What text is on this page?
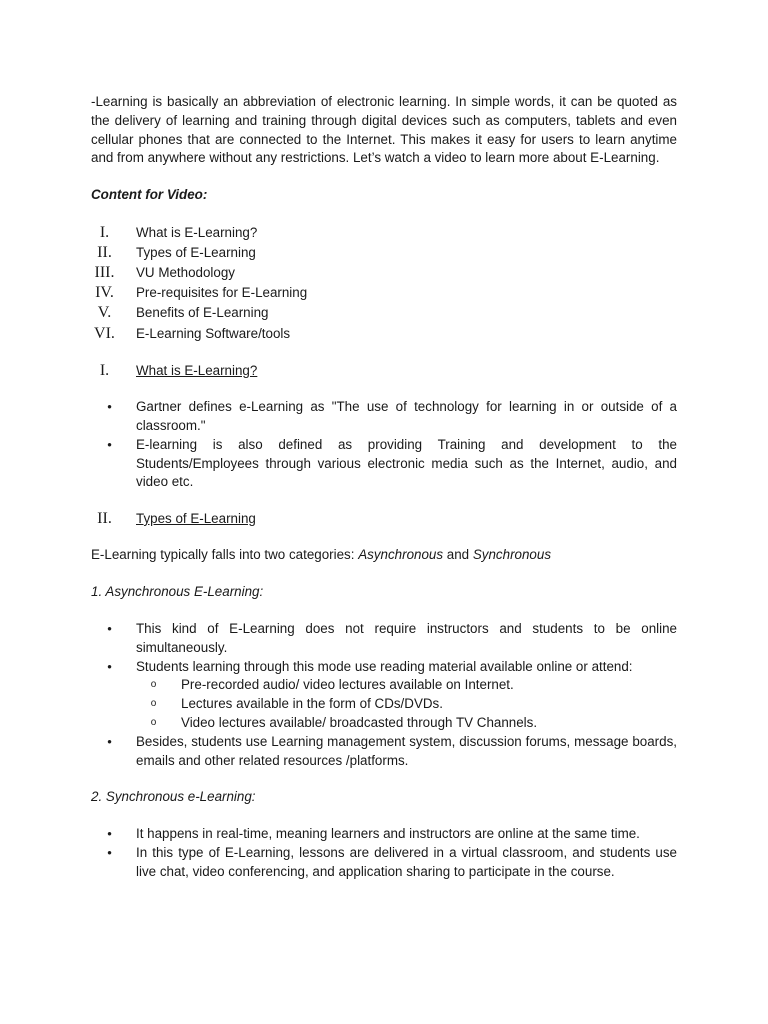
-Learning is basically an abbreviation of electronic learning. In simple words, it can be quoted as the delivery of learning and training through digital devices such as computers, tablets and even cellular phones that are connected to the Internet. This makes it easy for users to learn anytime and from anywhere without any restrictions. Let’s watch a video to learn more about E-Learning.

Content for Video:

I.	What is E-Learning?
II.	Types of E-Learning
III.	VU Methodology
IV.	Pre-requisites for E-Learning
V.	Benefits of E-Learning
VI.	E-Learning Software/tools
I.	What is E-Learning?
•	Gartner defines e-Learning as "The use of technology for learning in or outside of a classroom."
•	E-learning is also defined as providing Training and development to the Students/Employees through various electronic media such as the Internet, audio, and video etc.
II.	Types of E-Learning

E-Learning typically falls into two categories: Asynchronous and Synchronous

1. Asynchronous E-Learning:

•	This kind of E-Learning does not require instructors and students to be online simultaneously.
•	Students learning through this mode use reading material available online or attend:
o	Pre-recorded audio/ video lectures available on Internet.
o	Lectures available in the form of CDs/DVDs.
o	Video lectures available/ broadcasted through TV Channels.
•	Besides, students use Learning management system, discussion forums, message boards, emails and other related resources /platforms.

2. Synchronous e-Learning:

•	It happens in real-time, meaning learners and instructors are online at the same time.
•	In this type of E-Learning, lessons are delivered in a virtual classroom, and students use live chat, video conferencing, and application sharing to participate in the course.
